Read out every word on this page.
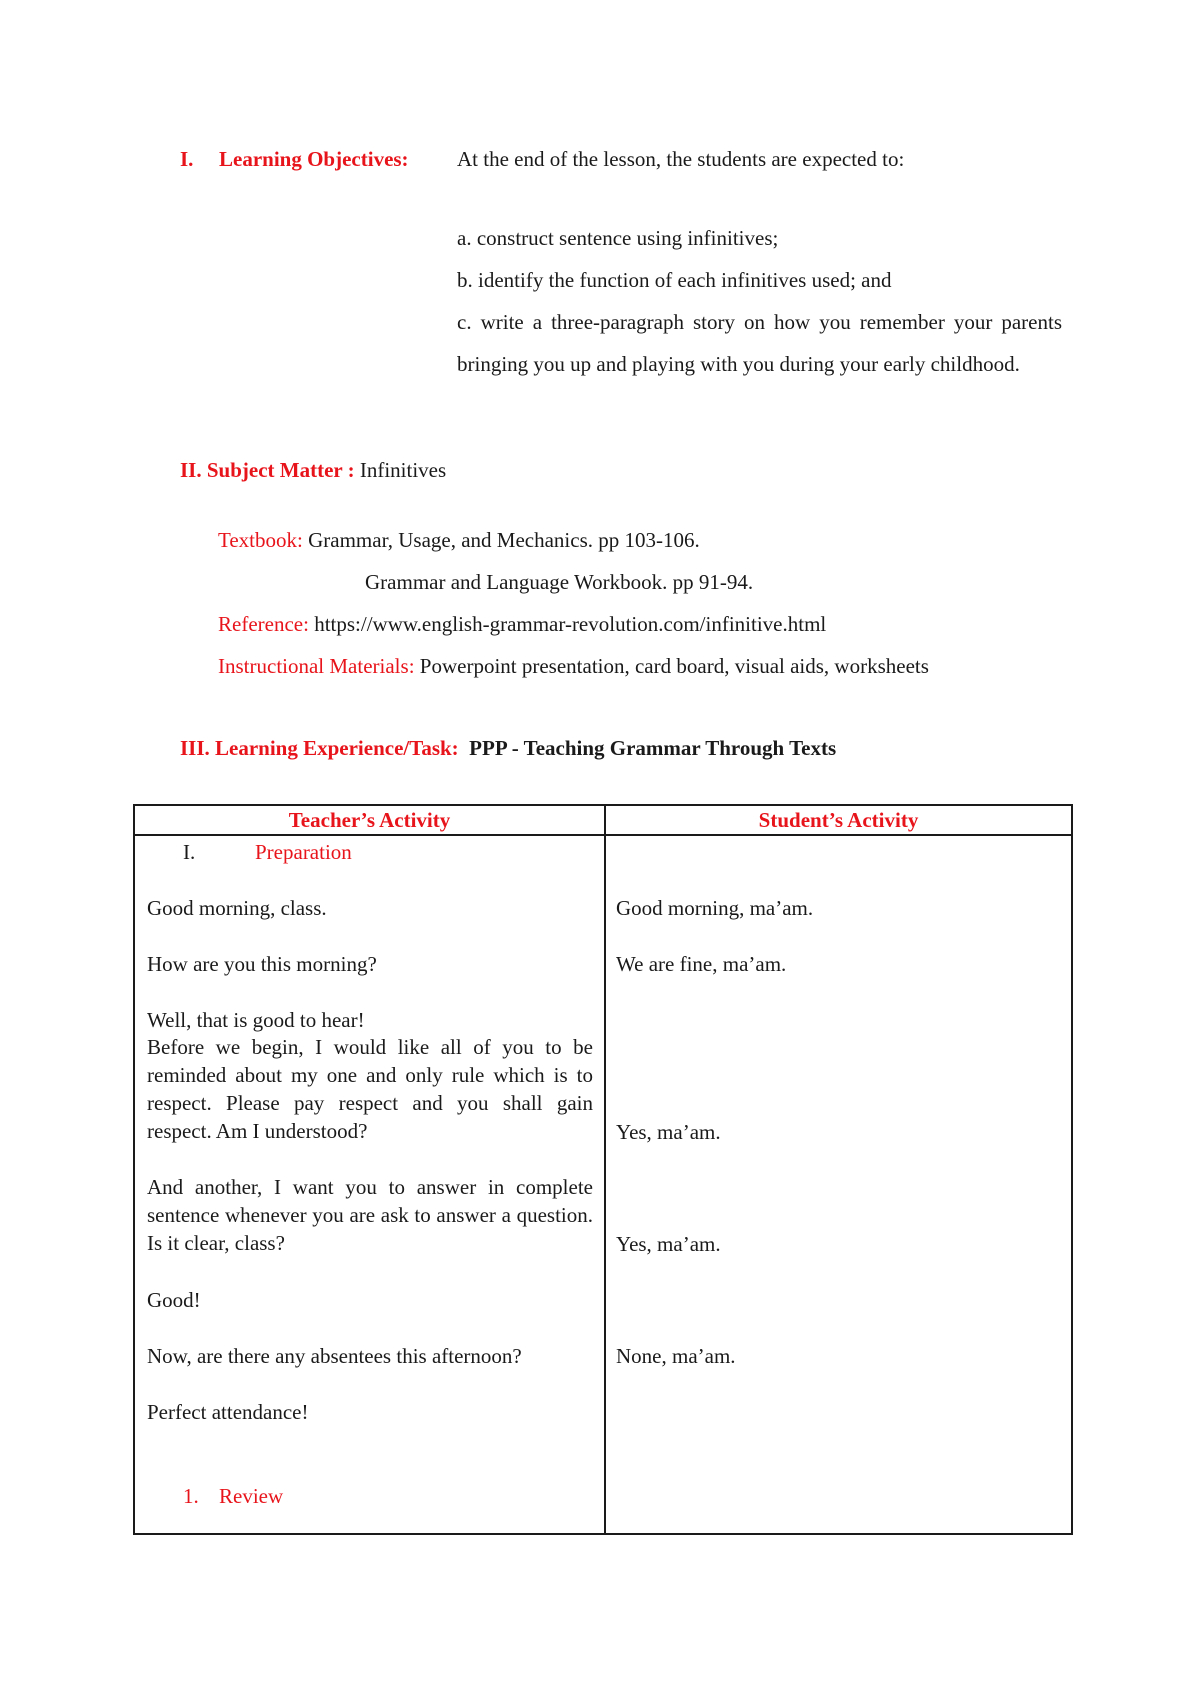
I. Learning Objectives: At the end of the lesson, the students are expected to:
a. construct sentence using infinitives;
b. identify the function of each infinitives used; and
c. write a three-paragraph story on how you remember your parents bringing you up and playing with you during your early childhood.
II. Subject Matter : Infinitives
Textbook: Grammar, Usage, and Mechanics. pp 103-106.
Grammar and Language Workbook. pp 91-94.
Reference: https://www.english-grammar-revolution.com/infinitive.html
Instructional Materials: Powerpoint presentation, card board, visual aids, worksheets
III. Learning Experience/Task: PPP - Teaching Grammar Through Texts
Teacher’s Activity	Student’s Activity
I.	Preparation
Good morning, class.	Good morning, ma’am.
How are you this morning?	We are fine, ma’am.
Well, that is good to hear!
Before we begin, I would like all of you to be reminded about my one and only rule which is to respect. Please pay respect and you shall gain respect. Am I understood?	Yes, ma’am.
And another, I want you to answer in complete sentence whenever you are ask to answer a question. Is it clear, class?	Yes, ma’am.
Good!
Now, are there any absentees this afternoon?	None, ma’am.
Perfect attendance!
1. Review
